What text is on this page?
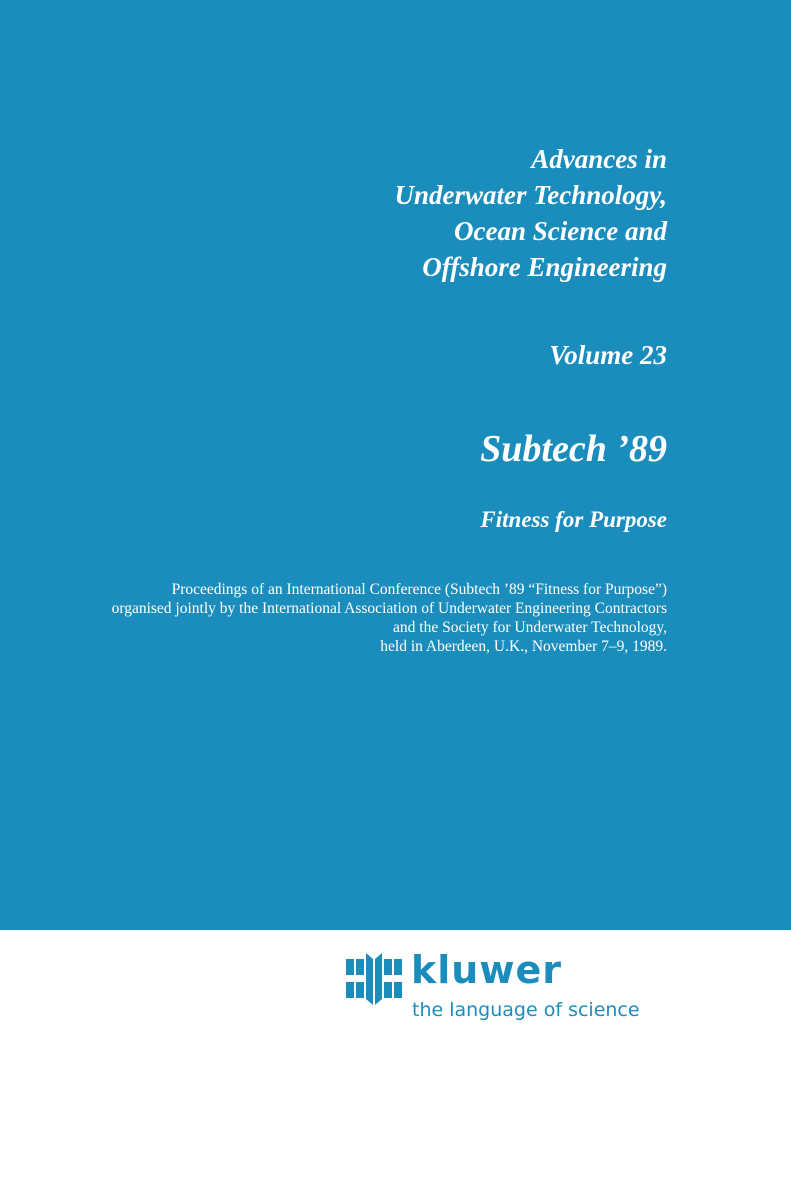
Advances in
Underwater Technology,
Ocean Science and
Offshore Engineering
Volume 23
Subtech ’89
Fitness for Purpose

Proceedings of an International Conference (Subtech ’89 “Fitness for Purpose”)
organised jointly by the International Association of Underwater Engineering Contractors
and the Society for Underwater Technology,
held in Aberdeen, U.K., November 7–9, 1989.

kluwer
the language of science
